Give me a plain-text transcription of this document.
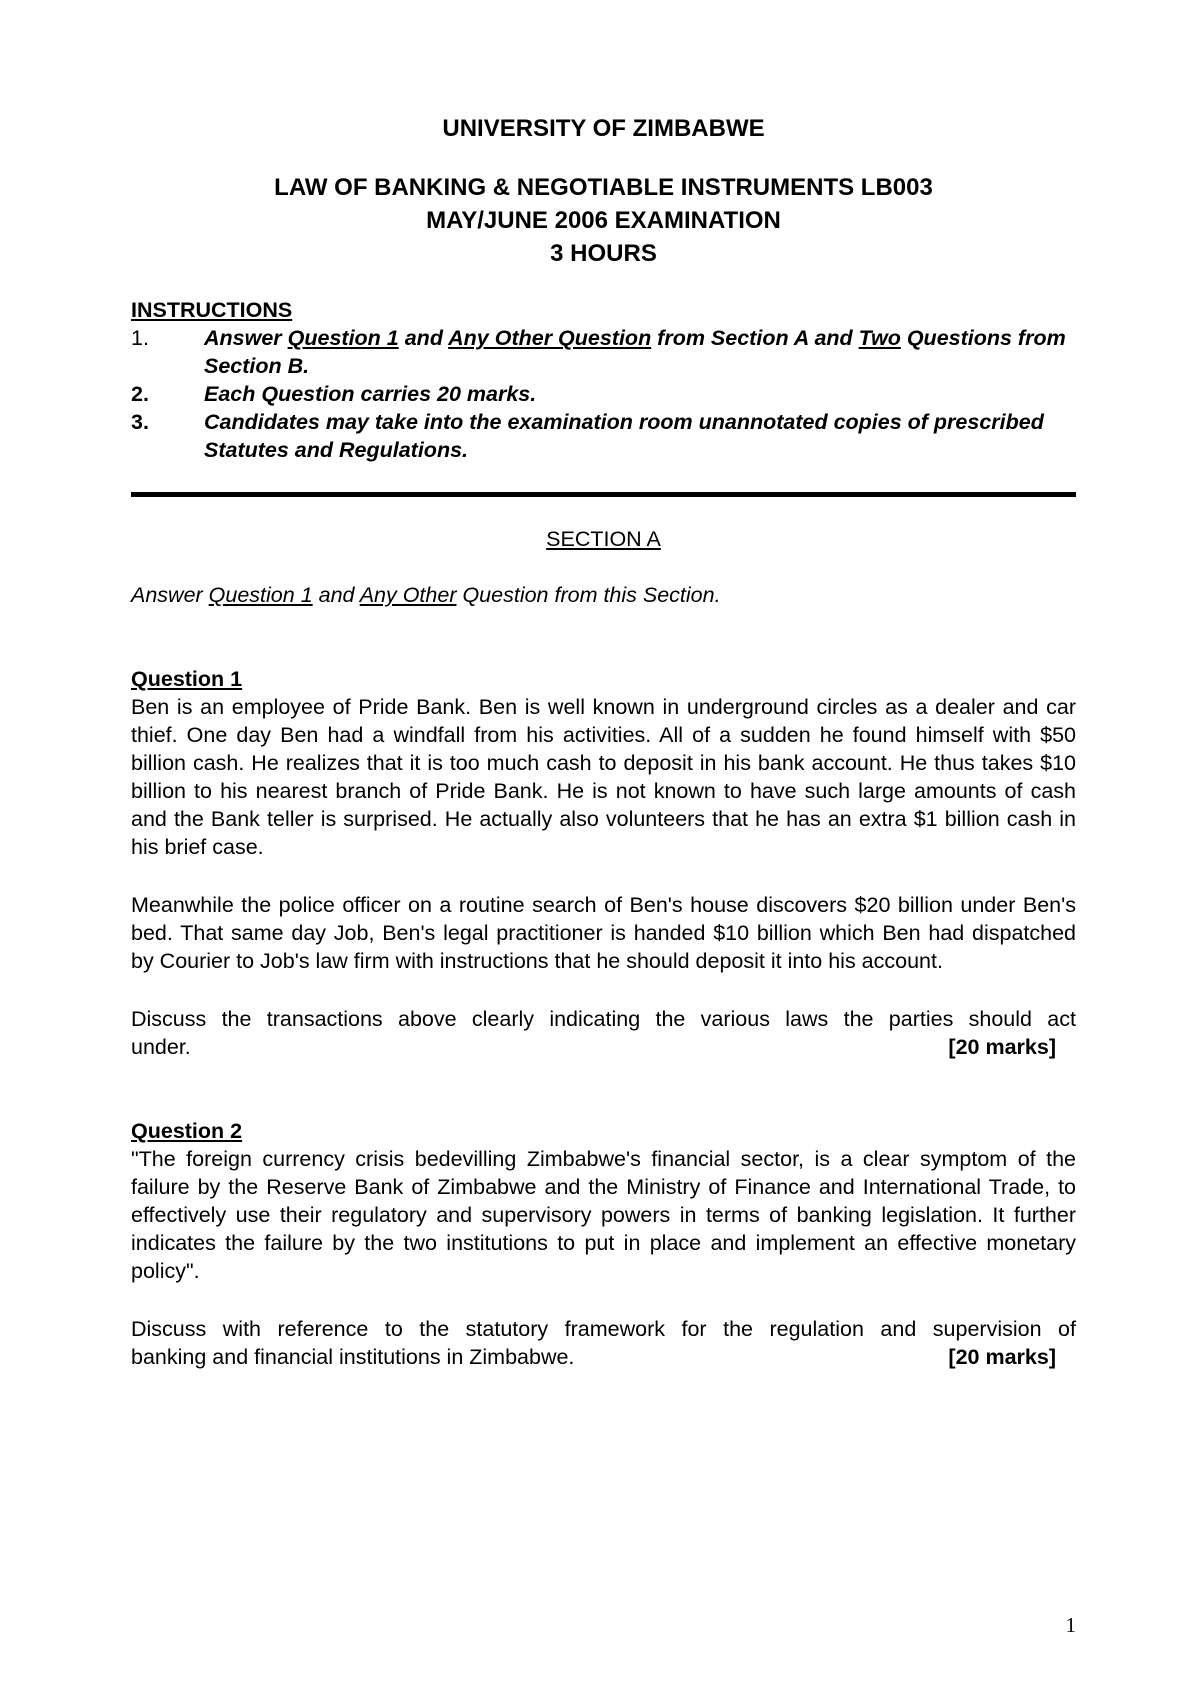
UNIVERSITY OF ZIMBABWE
LAW OF BANKING & NEGOTIABLE INSTRUMENTS LB003
MAY/JUNE 2006 EXAMINATION
3 HOURS
INSTRUCTIONS
1.	Answer Question 1 and Any Other Question from Section A and Two Questions from Section B.
2.	Each Question carries 20 marks.
3.	Candidates may take into the examination room unannotated copies of prescribed Statutes and Regulations.
SECTION A
Answer Question 1 and Any Other Question from this Section.
Question 1
Ben is an employee of Pride Bank. Ben is well known in underground circles as a dealer and car thief. One day Ben had a windfall from his activities. All of a sudden he found himself with $50 billion cash. He realizes that it is too much cash to deposit in his bank account. He thus takes $10 billion to his nearest branch of Pride Bank. He is not known to have such large amounts of cash and the Bank teller is surprised. He actually also volunteers that he has an extra $1 billion cash in his brief case.
Meanwhile the police officer on a routine search of Ben's house discovers $20 billion under Ben's bed. That same day Job, Ben's legal practitioner is handed $10 billion which Ben had dispatched by Courier to Job's law firm with instructions that he should deposit it into his account.
Discuss the transactions above clearly indicating the various laws the parties should act
under.	[20 marks]
Question 2
"The foreign currency crisis bedevilling Zimbabwe's financial sector, is a clear symptom of the failure by the Reserve Bank of Zimbabwe and the Ministry of Finance and International Trade, to effectively use their regulatory and supervisory powers in terms of banking legislation. It further indicates the failure by the two institutions to put in place and implement an effective monetary policy".
Discuss with reference to the statutory framework for the regulation and supervision of
banking and financial institutions in Zimbabwe.	[20 marks]
1
